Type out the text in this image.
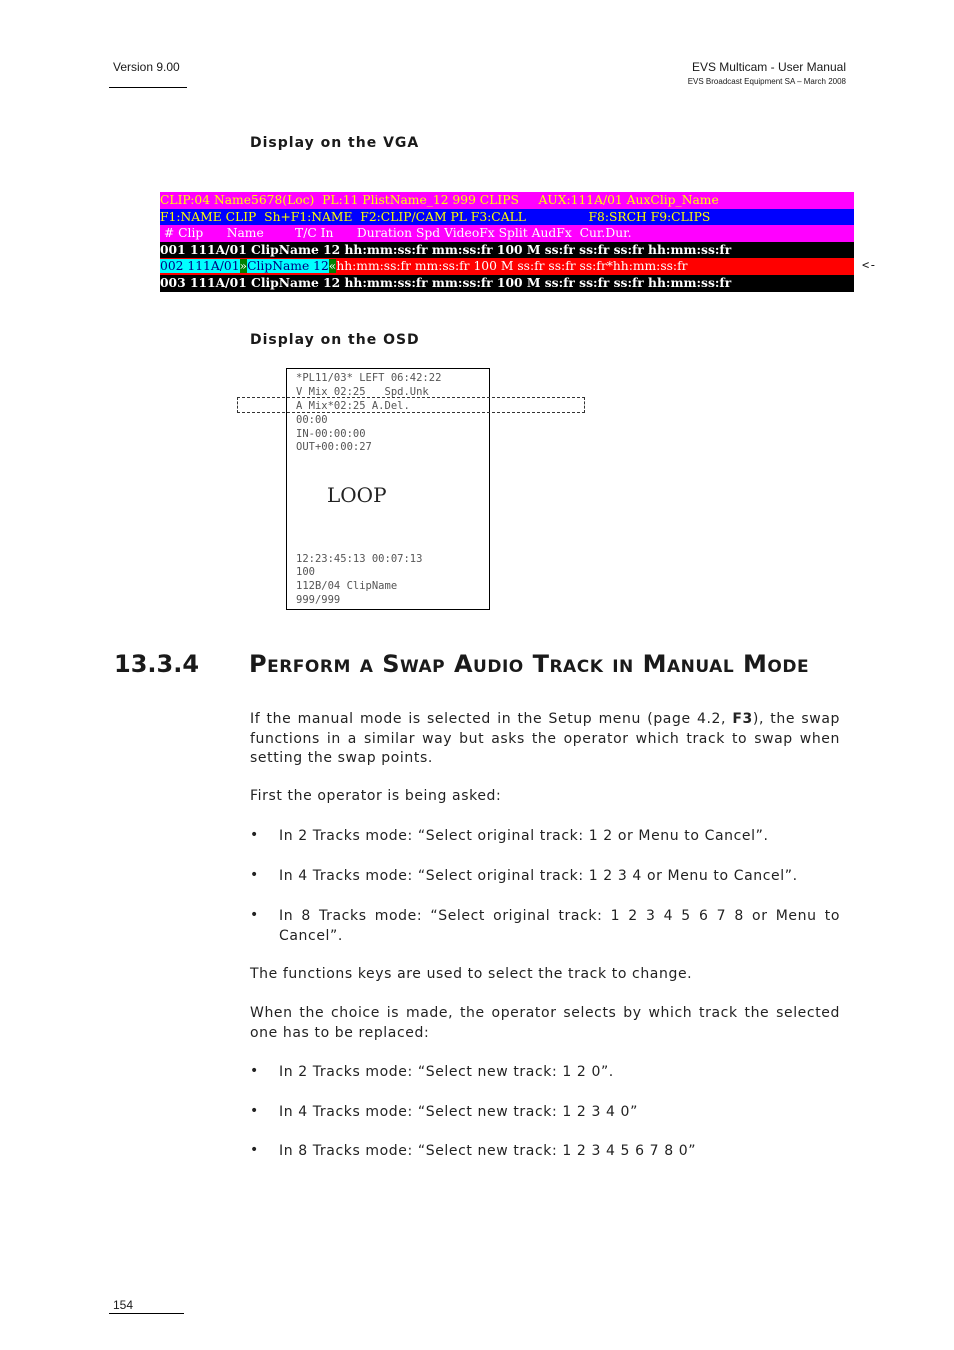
Version 9.00	EVS Multicam - User Manual
EVS Broadcast Equipment SA – March 2008
Display on the VGA
CLIP:04 Name5678(Loc)  PL:11 PlistName_12 999 CLIPS     AUX:111A/01 AuxClip_Name
F1:NAME CLIP  Sh+F1:NAME  F2:CLIP/CAM PL F3:CALL                F8:SRCH F9:CLIPS
# Clip      Name        T/C In      Duration Spd VideoFx Split AudFx  Cur.Dur.
001 111A/01 ClipName 12 hh:mm:ss:fr mm:ss:fr 100 M ss:fr ss:fr ss:fr hh:mm:ss:fr
002 111A/01»ClipName 12«hh:mm:ss:fr mm:ss:fr 100 M ss:fr ss:fr ss:fr*hh:mm:ss:fr
003 111A/01 ClipName 12 hh:mm:ss:fr mm:ss:fr 100 M ss:fr ss:fr ss:fr hh:mm:ss:fr
<-
Display on the OSD
*PL11/03* LEFT 06:42:22
V Mix 02:25   Spd.Unk
A Mix*02:25 A.Del.
00:00
IN-00:00:00
OUT+00:00:27
LOOP
12:23:45:13 00:07:13
100
112B/04 ClipName
999/999
13.3.4 Perform a Swap Audio Track in Manual Mode
If the manual mode is selected in the Setup menu (page 4.2, F3), the swap functions in a similar way but asks the operator which track to swap when setting the swap points.
First the operator is being asked:
• In 2 Tracks mode: “Select original track: 1 2 or Menu to Cancel”.
• In 4 Tracks mode: “Select original track: 1 2 3 4 or Menu to Cancel”.
• In 8 Tracks mode: “Select original track: 1 2 3 4 5 6 7 8 or Menu to Cancel”.
The functions keys are used to select the track to change.
When the choice is made, the operator selects by which track the selected one has to be replaced:
• In 2 Tracks mode: “Select new track: 1 2 0”.
• In 4 Tracks mode: “Select new track: 1 2 3 4 0”
• In 8 Tracks mode: “Select new track: 1 2 3 4 5 6 7 8 0”
154
